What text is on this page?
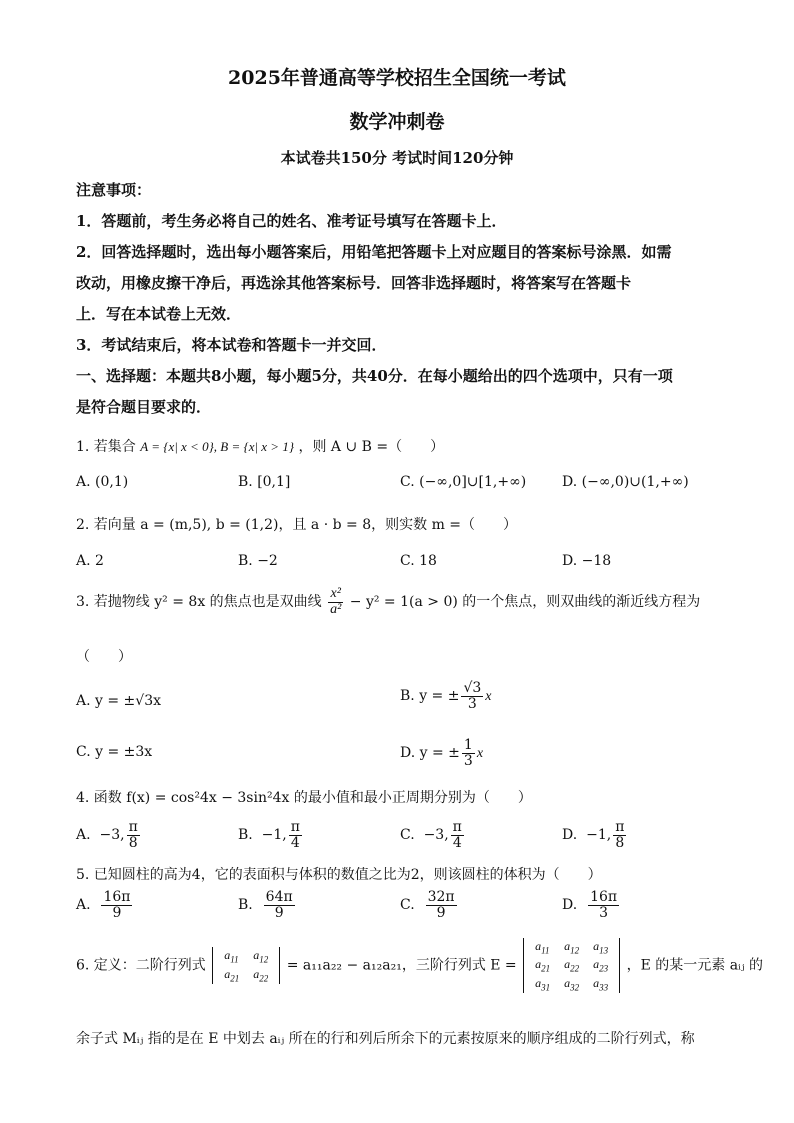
2025年普通高等学校招生全国统一考试
数学冲刺卷
本试卷共150分 考试时间120分钟
注意事项：
1．答题前，考生务必将自己的姓名、准考证号填写在答题卡上．
2．回答选择题时，选出每小题答案后，用铅笔把答题卡上对应题目的答案标号涂黑．如需
改动，用橡皮擦干净后，再选涂其他答案标号．回答非选择题时，将答案写在答题卡
上．写在本试卷上无效．
3．考试结束后，将本试卷和答题卡一并交回．
一、选择题：本题共8小题，每小题5分，共40分．在每小题给出的四个选项中，只有一项
是符合题目要求的．
1. 若集合 A = {x| x < 0}, B = {x| x > 1} ，则 A ∪ B =（　　）
A. (0,1)	B. [0,1]	C. (−∞,0]∪[1,+∞)	D. (−∞,0)∪(1,+∞)
2. 若向量 a = (m,5), b = (1,2)，且 a · b = 8，则实数 m =（　　）
A. 2	B. −2	C. 18	D. −18
3. 若抛物线 y² = 8x 的焦点也是双曲线 $\frac{\text{x²}}{\text{a²}} - y^2 = 1(a > 0)$ 的一个焦点，则双曲线的渐近线方程为
（　　）
A. y = ±√3x	B. y = ± $\frac{√3}{3}$ x
C. y = ±3x	D. y = ± $\frac{1}{3}$ x
4. 函数 f(x) = cos²4x − 3sin²4x 的最小值和最小正周期分别为（　　）
A. −3, $\frac{\pi}{8}$	B. −1, $\frac{\pi}{4}$	C. −3, $\frac{\pi}{4}$	D. −1, $\frac{\pi}{8}$
5. 已知圆柱的高为4，它的表面积与体积的数值之比为2，则该圆柱的体积为（　　）
A. $\frac{16\pi}{9}$	B. $\frac{64\pi}{9}$	C. $\frac{32\pi}{9}$	D. $\frac{16\pi}{3}$
6. 定义：二阶行列式
$a_{11}$	$a_{12}$
$a_{21}$	$a_{22}$
= a₁₁a₂₂ − a₁₂a₂₁，三阶行列式 E =
$a_{11}$	$a_{12}$	$a_{13}$
$a_{21}$	$a_{22}$	$a_{23}$
$a_{31}$	$a_{32}$	$a_{33}$
，E 的某一元素 aᵢⱼ 的
余子式 Mᵢⱼ 指的是在 E 中划去 aᵢⱼ 所在的行和列后所余下的元素按原来的顺序组成的二阶行列式，称
